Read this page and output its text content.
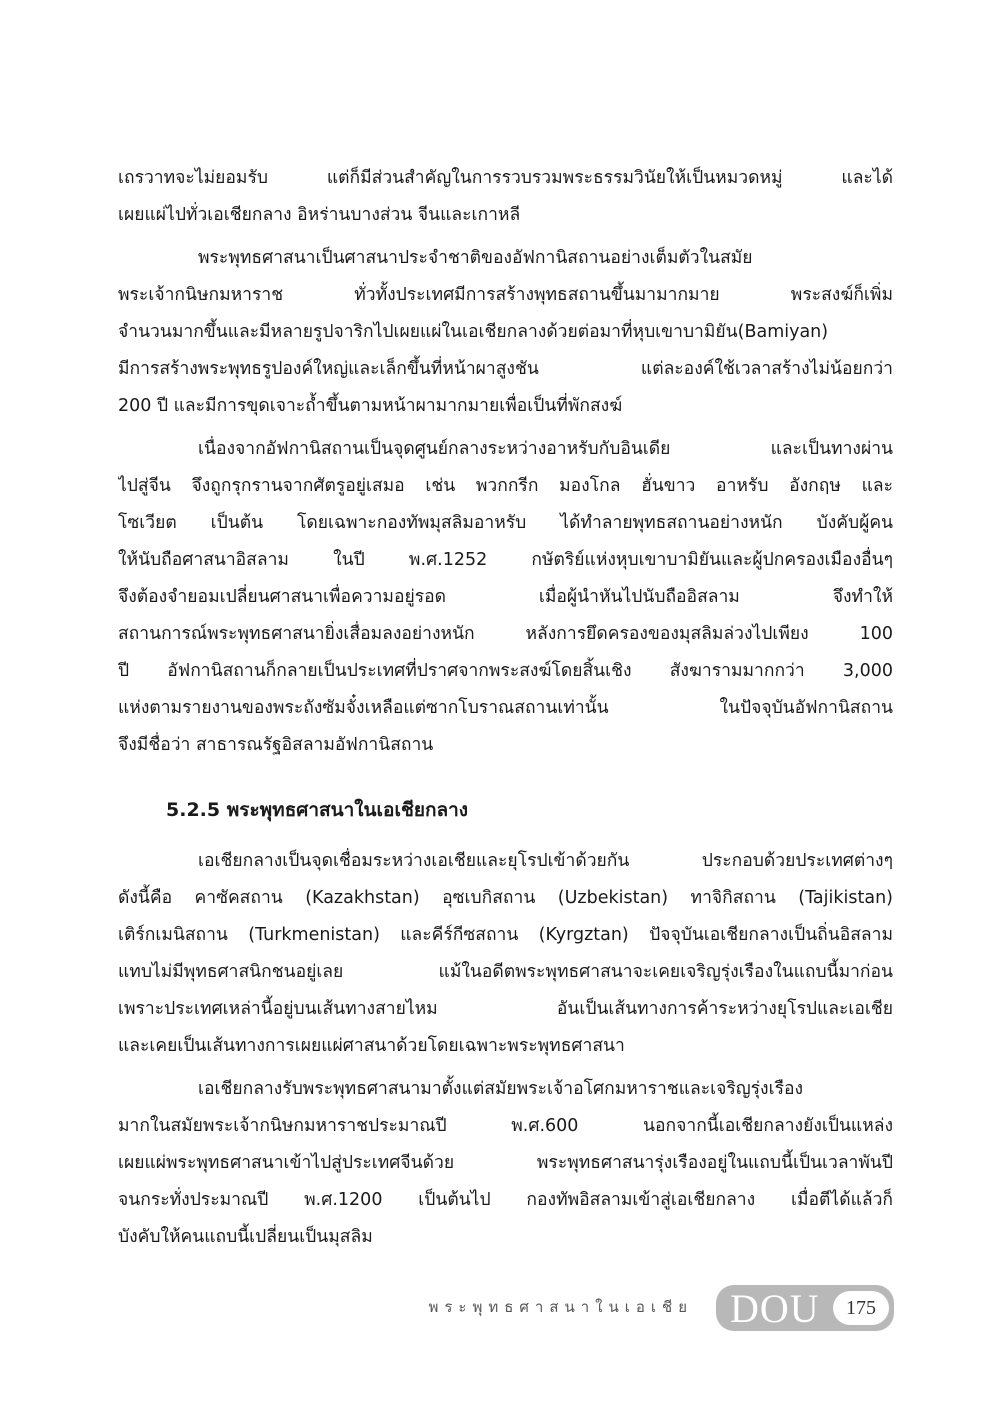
เถรวาทจะไม่ยอมรับ แต่ก็มีส่วนสำคัญในการรวบรวมพระธรรมวินัยให้เป็นหมวดหมู่ และได้
เผยแผ่ไปทั่วเอเชียกลาง อิหร่านบางส่วน จีนและเกาหลี
พระพุทธศาสนาเป็นศาสนาประจำชาติของอัฟกานิสถานอย่างเต็มตัวในสมัย
พระเจ้ากนิษกมหาราช ทั่วทั้งประเทศมีการสร้างพุทธสถานขึ้นมามากมาย พระสงฆ์ก็เพิ่ม
จำนวนมากขึ้นและมีหลายรูปจาริกไปเผยแผ่ในเอเชียกลางด้วยต่อมาที่หุบเขาบามิยัน(Bamiyan)
มีการสร้างพระพุทธรูปองค์ใหญ่และเล็กขึ้นที่หน้าผาสูงชัน แต่ละองค์ใช้เวลาสร้างไม่น้อยกว่า
200 ปี และมีการขุดเจาะถ้ำขึ้นตามหน้าผามากมายเพื่อเป็นที่พักสงฆ์
เนื่องจากอัฟกานิสถานเป็นจุดศูนย์กลางระหว่างอาหรับกับอินเดีย และเป็นทางผ่าน
ไปสู่จีน จึงถูกรุกรานจากศัตรูอยู่เสมอ เช่น พวกกรีก มองโกล ฮั่นขาว อาหรับ อังกฤษ และ
โซเวียต เป็นต้น โดยเฉพาะกองทัพมุสลิมอาหรับ ได้ทำลายพุทธสถานอย่างหนัก บังคับผู้คน
ให้นับถือศาสนาอิสลาม ในปี พ.ศ.1252 กษัตริย์แห่งหุบเขาบามิยันและผู้ปกครองเมืองอื่นๆ
จึงต้องจำยอมเปลี่ยนศาสนาเพื่อความอยู่รอด เมื่อผู้นำหันไปนับถืออิสลาม จึงทำให้
สถานการณ์พระพุทธศาสนายิ่งเสื่อมลงอย่างหนัก หลังการยึดครองของมุสลิมล่วงไปเพียง 100
ปี อัฟกานิสถานก็กลายเป็นประเทศที่ปราศจากพระสงฆ์โดยสิ้นเชิง สังฆารามมากกว่า 3,000
แห่งตามรายงานของพระถังซัมจั๋งเหลือแต่ซากโบราณสถานเท่านั้น ในปัจจุบันอัฟกานิสถาน
จึงมีชื่อว่า สาธารณรัฐอิสลามอัฟกานิสถาน
5.2.5 พระพุทธศาสนาในเอเชียกลาง
เอเชียกลางเป็นจุดเชื่อมระหว่างเอเชียและยุโรปเข้าด้วยกัน ประกอบด้วยประเทศต่างๆ
ดังนี้คือ คาซัคสถาน (Kazakhstan) อุซเบกิสถาน (Uzbekistan) ทาจิกิสถาน (Tajikistan)
เติร์กเมนิสถาน (Turkmenistan) และคีร์กีซสถาน (Kyrgztan) ปัจจุบันเอเชียกลางเป็นถิ่นอิสลาม
แทบไม่มีพุทธศาสนิกชนอยู่เลย แม้ในอดีตพระพุทธศาสนาจะเคยเจริญรุ่งเรืองในแถบนี้มาก่อน
เพราะประเทศเหล่านี้อยู่บนเส้นทางสายไหม อันเป็นเส้นทางการค้าระหว่างยุโรปและเอเชีย
และเคยเป็นเส้นทางการเผยแผ่ศาสนาด้วยโดยเฉพาะพระพุทธศาสนา
เอเชียกลางรับพระพุทธศาสนามาตั้งแต่สมัยพระเจ้าอโศกมหาราชและเจริญรุ่งเรือง
มากในสมัยพระเจ้ากนิษกมหาราชประมาณปี พ.ศ.600 นอกจากนี้เอเชียกลางยังเป็นแหล่ง
เผยแผ่พระพุทธศาสนาเข้าไปสู่ประเทศจีนด้วย พระพุทธศาสนารุ่งเรืองอยู่ในแถบนี้เป็นเวลาพันปี
จนกระทั่งประมาณปี พ.ศ.1200 เป็นต้นไป กองทัพอิสลามเข้าสู่เอเชียกลาง เมื่อตีได้แล้วก็
บังคับให้คนแถบนี้เปลี่ยนเป็นมุสลิม
พระพุทธศาสนาในเอเชีย DOU	175
